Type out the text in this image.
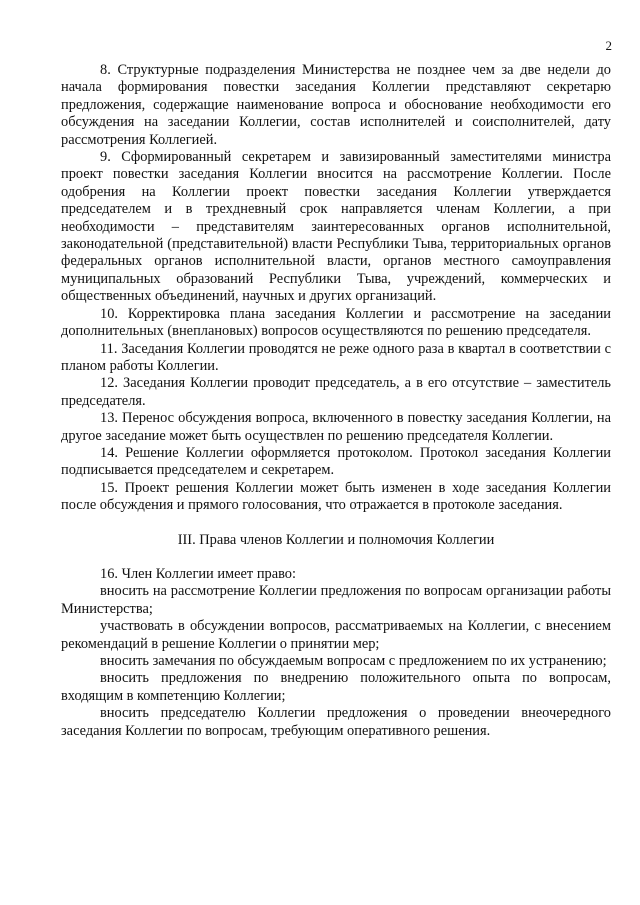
2

8. Структурные подразделения Министерства не позднее чем за две недели до начала формирования повестки заседания Коллегии представляют секретарю предложения, содержащие наименование вопроса и обоснование необходимости его обсуждения на заседании Коллегии, состав исполнителей и соисполнителей, дату рассмотрения Коллегией.

9. Сформированный секретарем и завизированный заместителями министра проект повестки заседания Коллегии вносится на рассмотрение Коллегии. После одобрения на Коллегии проект повестки заседания Коллегии утверждается председателем и в трехдневный срок направляется членам Коллегии, а при необходимости – представителям заинтересованных органов исполнительной, законодательной (представительной) власти Республики Тыва, территориальных органов федеральных органов исполнительной власти, органов местного самоуправления муниципальных образований Республики Тыва, учреждений, коммерческих и общественных объединений, научных и других организаций.

10. Корректировка плана заседания Коллегии и рассмотрение на заседании дополнительных (внеплановых) вопросов осуществляются по решению председателя.

11. Заседания Коллегии проводятся не реже одного раза в квартал в соответствии с планом работы Коллегии.

12. Заседания Коллегии проводит председатель, а в его отсутствие – заместитель председателя.

13. Перенос обсуждения вопроса, включенного в повестку заседания Коллегии, на другое заседание может быть осуществлен по решению председателя Коллегии.

14. Решение Коллегии оформляется протоколом. Протокол заседания Коллегии подписывается председателем и секретарем.

15. Проект решения Коллегии может быть изменен в ходе заседания Коллегии после обсуждения и прямого голосования, что отражается в протоколе заседания.

III. Права членов Коллегии и полномочия Коллегии

16. Член Коллегии имеет право:

вносить на рассмотрение Коллегии предложения по вопросам организации работы Министерства;

участвовать в обсуждении вопросов, рассматриваемых на Коллегии, с внесением рекомендаций в решение Коллегии о принятии мер;

вносить замечания по обсуждаемым вопросам с предложением по их устранению;

вносить предложения по внедрению положительного опыта по вопросам, входящим в компетенцию Коллегии;

вносить председателю Коллегии предложения о проведении внеочередного заседания Коллегии по вопросам, требующим оперативного решения.
